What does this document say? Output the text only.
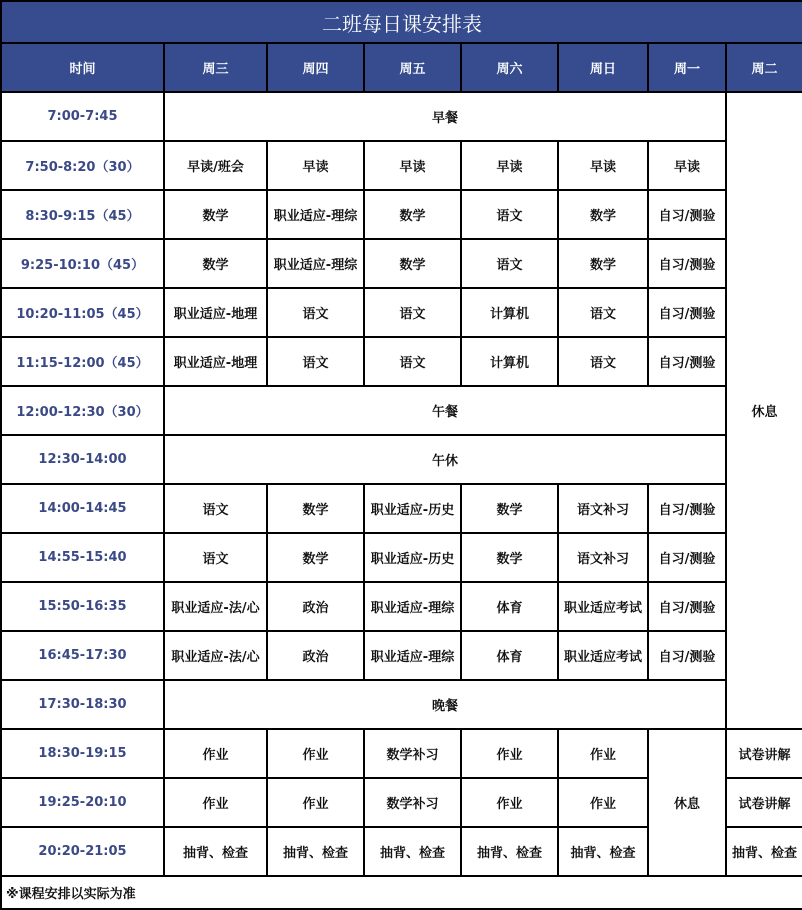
二班每日课安排表							
时间	周三	周四	周五	周六	周日	周一	周二
7:00-7:45	早餐						休息
7:50-8:20（30）	早读/班会	早读	早读	早读	早读	早读	
8:30-9:15（45）	数学	职业适应-理综	数学	语文	数学	自习/测验	
9:25-10:10（45）	数学	职业适应-理综	数学	语文	数学	自习/测验	
10:20-11:05（45）	职业适应-地理	语文	语文	计算机	语文	自习/测验	
11:15-12:00（45）	职业适应-地理	语文	语文	计算机	语文	自习/测验	
12:00-12:30（30）	午餐						
12:30-14:00	午休						
14:00-14:45	语文	数学	职业适应-历史	数学	语文补习	自习/测验	
14:55-15:40	语文	数学	职业适应-历史	数学	语文补习	自习/测验	
15:50-16:35	职业适应-法/心	政治	职业适应-理综	体育	职业适应考试	自习/测验	
16:45-17:30	职业适应-法/心	政治	职业适应-理综	体育	职业适应考试	自习/测验	
17:30-18:30	晚餐						
18:30-19:15	作业	作业	数学补习	作业	作业	休息	试卷讲解
19:25-20:10	作业	作业	数学补习	作业	作业		试卷讲解
20:20-21:05	抽背、检查	抽背、检查	抽背、检查	抽背、检查	抽背、检查		抽背、检查
※课程安排以实际为准							
